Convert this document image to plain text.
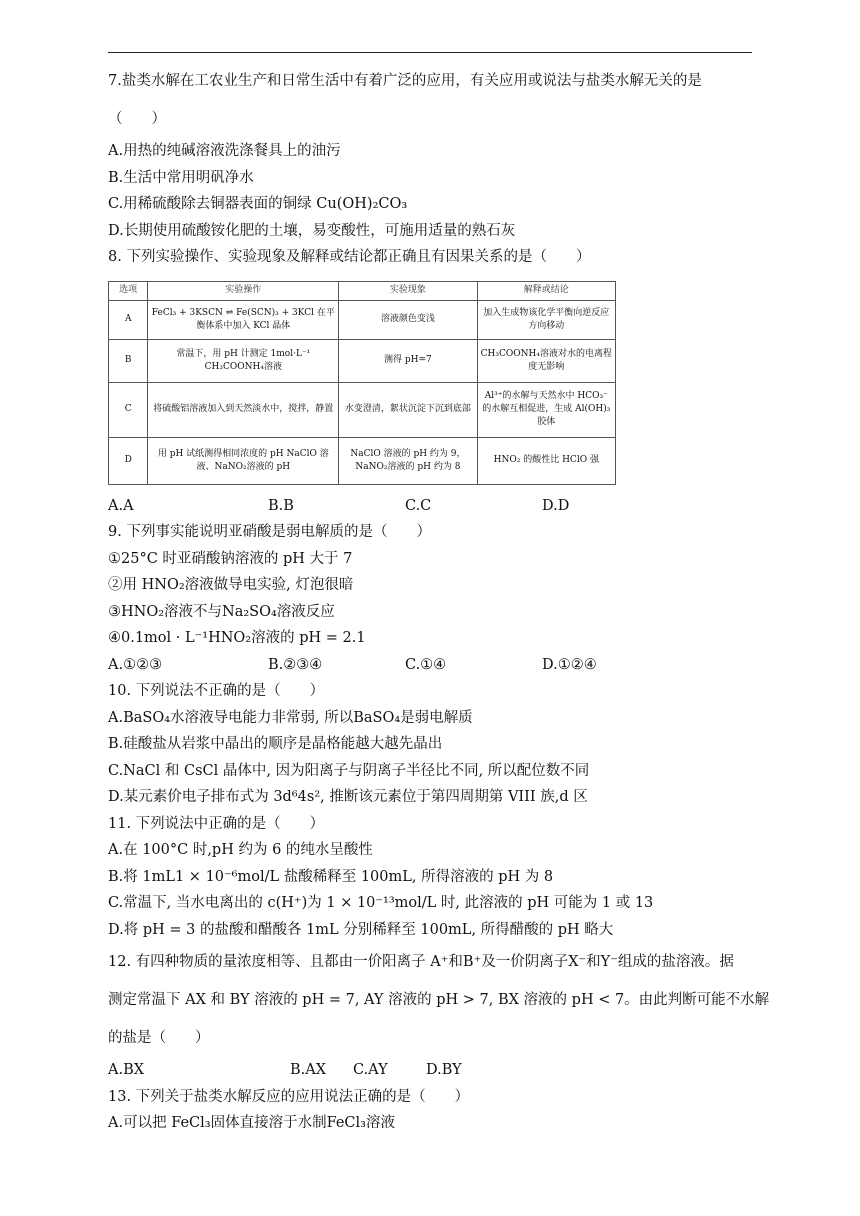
7.盐类水解在工农业生产和日常生活中有着广泛的应用，有关应用或说法与盐类水解无关的是
（　　）
A.用热的纯碱溶液洗涤餐具上的油污
B.生活中常用明矾净水
C.用稀硫酸除去铜器表面的铜绿 Cu(OH)₂CO₃
D.长期使用硫酸铵化肥的土壤，易变酸性，可施用适量的熟石灰
8. 下列实验操作、实验现象及解释或结论都正确且有因果关系的是（　　）
选项	实验操作	实验现象	解释或结论
A	FeCl₃ + 3KSCN ⇌ Fe(SCN)₃ + 3KCl 在平衡体系中加入 KCl 晶体	溶液颜色变浅	加入生成物该化学平衡向逆反应方向移动
B	常温下，用 pH 计测定 1mol·L⁻¹ CH₃COONH₄溶液	测得 pH=7	CH₃COONH₄溶液对水的电离程度无影响
C	将硫酸铝溶液加入到天然淡水中，搅拌，静置	水变澄清，絮状沉淀下沉到底部	Al³⁺的水解与天然水中 HCO₃⁻ 的水解互相促进，生成 Al(OH)₃ 胶体
D	用 pH 试纸测得相同浓度的 pH NaClO 溶液、NaNO₂溶液的 pH	NaClO 溶液的 pH 约为 9，NaNO₂溶液的 pH 约为 8	HNO₂ 的酸性比 HClO 强
A.A	B.B	C.C	D.D
9. 下列事实能说明亚硝酸是弱电解质的是（　　）
①25°C 时亚硝酸钠溶液的 pH 大于 7
②用 HNO₂溶液做导电实验, 灯泡很暗
③HNO₂溶液不与Na₂SO₄溶液反应
④0.1mol · L⁻¹HNO₂溶液的 pH = 2.1
A.①②③	B.②③④	C.①④	D.①②④
10. 下列说法不正确的是（　　）
A.BaSO₄水溶液导电能力非常弱, 所以BaSO₄是弱电解质
B.硅酸盐从岩浆中晶出的顺序是晶格能越大越先晶出
C.NaCl 和 CsCl 晶体中, 因为阳离子与阴离子半径比不同, 所以配位数不同
D.某元素价电子排布式为 3d⁶4s², 推断该元素位于第四周期第 VIII 族,d 区
11. 下列说法中正确的是（　　）
A.在 100°C 时,pH 约为 6 的纯水呈酸性
B.将 1mL1 × 10⁻⁶mol/L 盐酸稀释至 100mL, 所得溶液的 pH 为 8
C.常温下, 当水电离出的 c(H⁺)为 1 × 10⁻¹³mol/L 时, 此溶液的 pH 可能为 1 或 13
D.将 pH = 3 的盐酸和醋酸各 1mL 分别稀释至 100mL, 所得醋酸的 pH 略大
12. 有四种物质的量浓度相等、且都由一价阳离子 A⁺和B⁺及一价阴离子X⁻和Y⁻组成的盐溶液。据
测定常温下 AX 和 BY 溶液的 pH = 7, AY 溶液的 pH > 7, BX 溶液的 pH < 7。由此判断可能不水解
的盐是（　　）
A.BX	B.AX	C.AY	D.BY
13. 下列关于盐类水解反应的应用说法正确的是（　　）
A.可以把 FeCl₃固体直接溶于水制FeCl₃溶液
